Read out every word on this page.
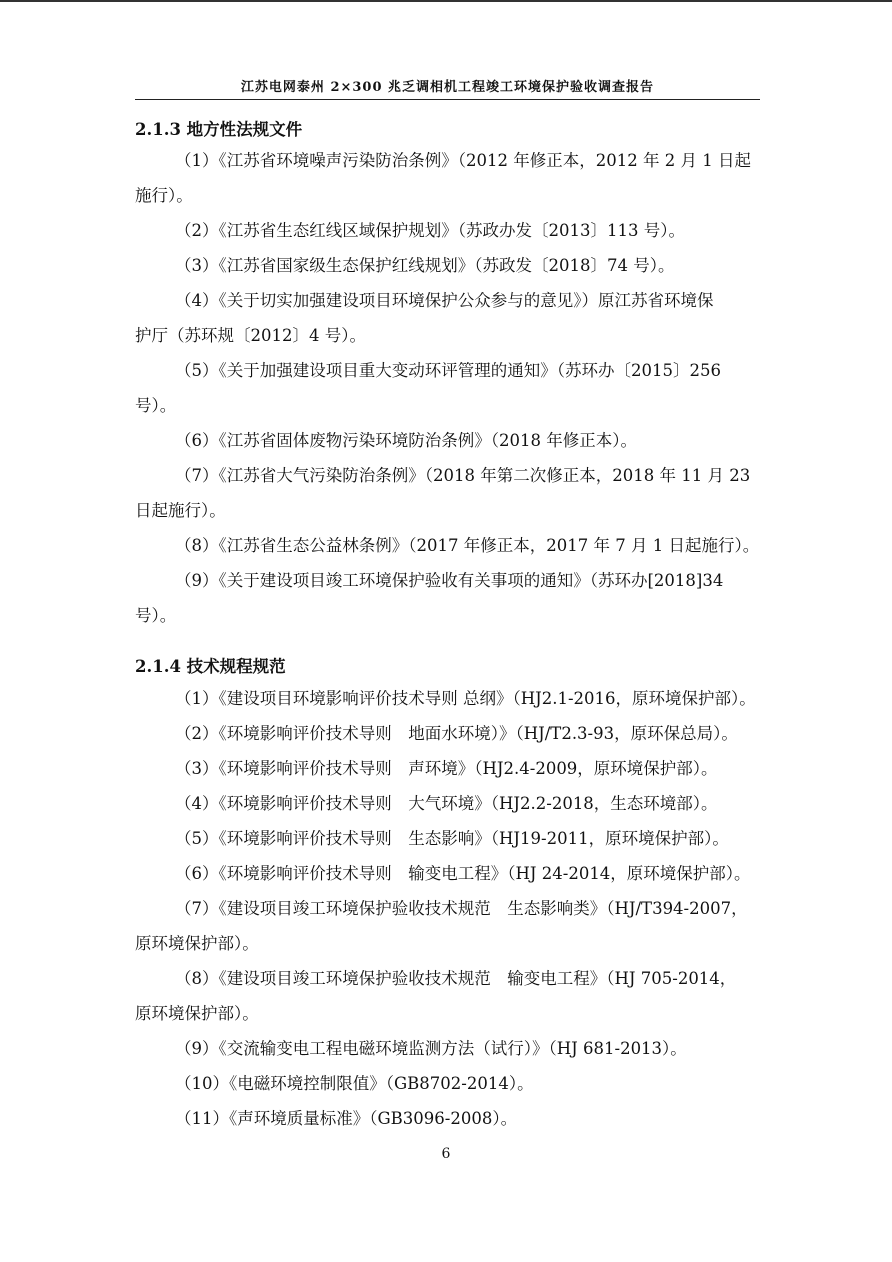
江苏电网泰州 2×300 兆乏调相机工程竣工环境保护验收调查报告
2.1.3 地方性法规文件
（1）《江苏省环境噪声污染防治条例》（2012 年修正本，2012 年 2 月 1 日起
施行）。
（2）《江苏省生态红线区域保护规划》（苏政办发〔2013〕113 号）。
（3）《江苏省国家级生态保护红线规划》（苏政发〔2018〕74 号）。
（4）《关于切实加强建设项目环境保护公众参与的意见》）原江苏省环境保
护厅（苏环规〔2012〕4 号）。
（5）《关于加强建设项目重大变动环评管理的通知》（苏环办〔2015〕256
号）。
（6）《江苏省固体废物污染环境防治条例》（2018 年修正本）。
（7）《江苏省大气污染防治条例》（2018 年第二次修正本，2018 年 11 月 23
日起施行）。
（8）《江苏省生态公益林条例》（2017 年修正本，2017 年 7 月 1 日起施行）。
（9）《关于建设项目竣工环境保护验收有关事项的通知》（苏环办[2018]34
号）。
2.1.4 技术规程规范
（1）《建设项目环境影响评价技术导则 总纲》（HJ2.1-2016，原环境保护部）。
（2）《环境影响评价技术导则　地面水环境）》（HJ/T2.3-93，原环保总局）。
（3）《环境影响评价技术导则　声环境》（HJ2.4-2009，原环境保护部）。
（4）《环境影响评价技术导则　大气环境》（HJ2.2-2018，生态环境部）。
（5）《环境影响评价技术导则　生态影响》（HJ19-2011，原环境保护部）。
（6）《环境影响评价技术导则　输变电工程》（HJ 24-2014，原环境保护部）。
（7）《建设项目竣工环境保护验收技术规范　生态影响类》（HJ/T394-2007，
原环境保护部）。
（8）《建设项目竣工环境保护验收技术规范　输变电工程》（HJ 705-2014，
原环境保护部）。
（9）《交流输变电工程电磁环境监测方法（试行）》（HJ 681-2013）。
（10）《电磁环境控制限值》（GB8702-2014）。
（11）《声环境质量标准》（GB3096-2008）。
6
